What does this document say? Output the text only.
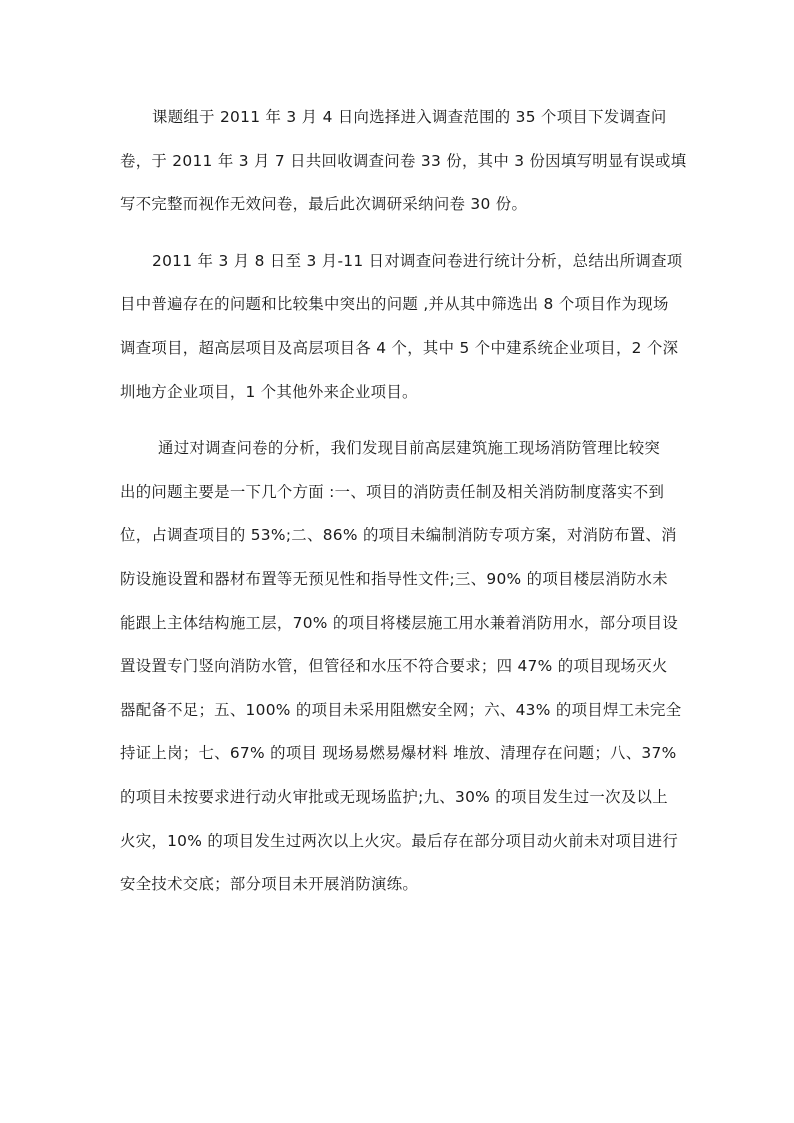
课题组于 2011 年 3 月 4 日向选择进入调查范围的 35 个项目下发调查问
卷，于 2011 年 3 月 7 日共回收调查问卷 33 份，其中 3 份因填写明显有误或填
写不完整而视作无效问卷，最后此次调研采纳问卷 30 份。

2011 年 3 月 8 日至 3 月-11 日对调查问卷进行统计分析，总结出所调查项
目中普遍存在的问题和比较集中突出的问题 ,并从其中筛选出 8 个项目作为现场
调查项目，超高层项目及高层项目各 4 个，其中 5 个中建系统企业项目，2 个深
圳地方企业项目，1 个其他外来企业项目。

通过对调查问卷的分析，我们发现目前高层建筑施工现场消防管理比较突
出的问题主要是一下几个方面 :一、项目的消防责任制及相关消防制度落实不到
位，占调查项目的 53%;二、86% 的项目未编制消防专项方案，对消防布置、消
防设施设置和器材布置等无预见性和指导性文件;三、90% 的项目楼层消防水未
能跟上主体结构施工层，70% 的项目将楼层施工用水兼着消防用水，部分项目设
置设置专门竖向消防水管，但管径和水压不符合要求；四 47% 的项目现场灭火
器配备不足；五、100% 的项目未采用阻燃安全网；六、43% 的项目焊工未完全
持证上岗；七、67% 的项目 现场易燃易爆材料 堆放、清理存在问题；八、37%
的项目未按要求进行动火审批或无现场监护;九、30% 的项目发生过一次及以上
火灾，10% 的项目发生过两次以上火灾。最后存在部分项目动火前未对项目进行
安全技术交底；部分项目未开展消防演练。
